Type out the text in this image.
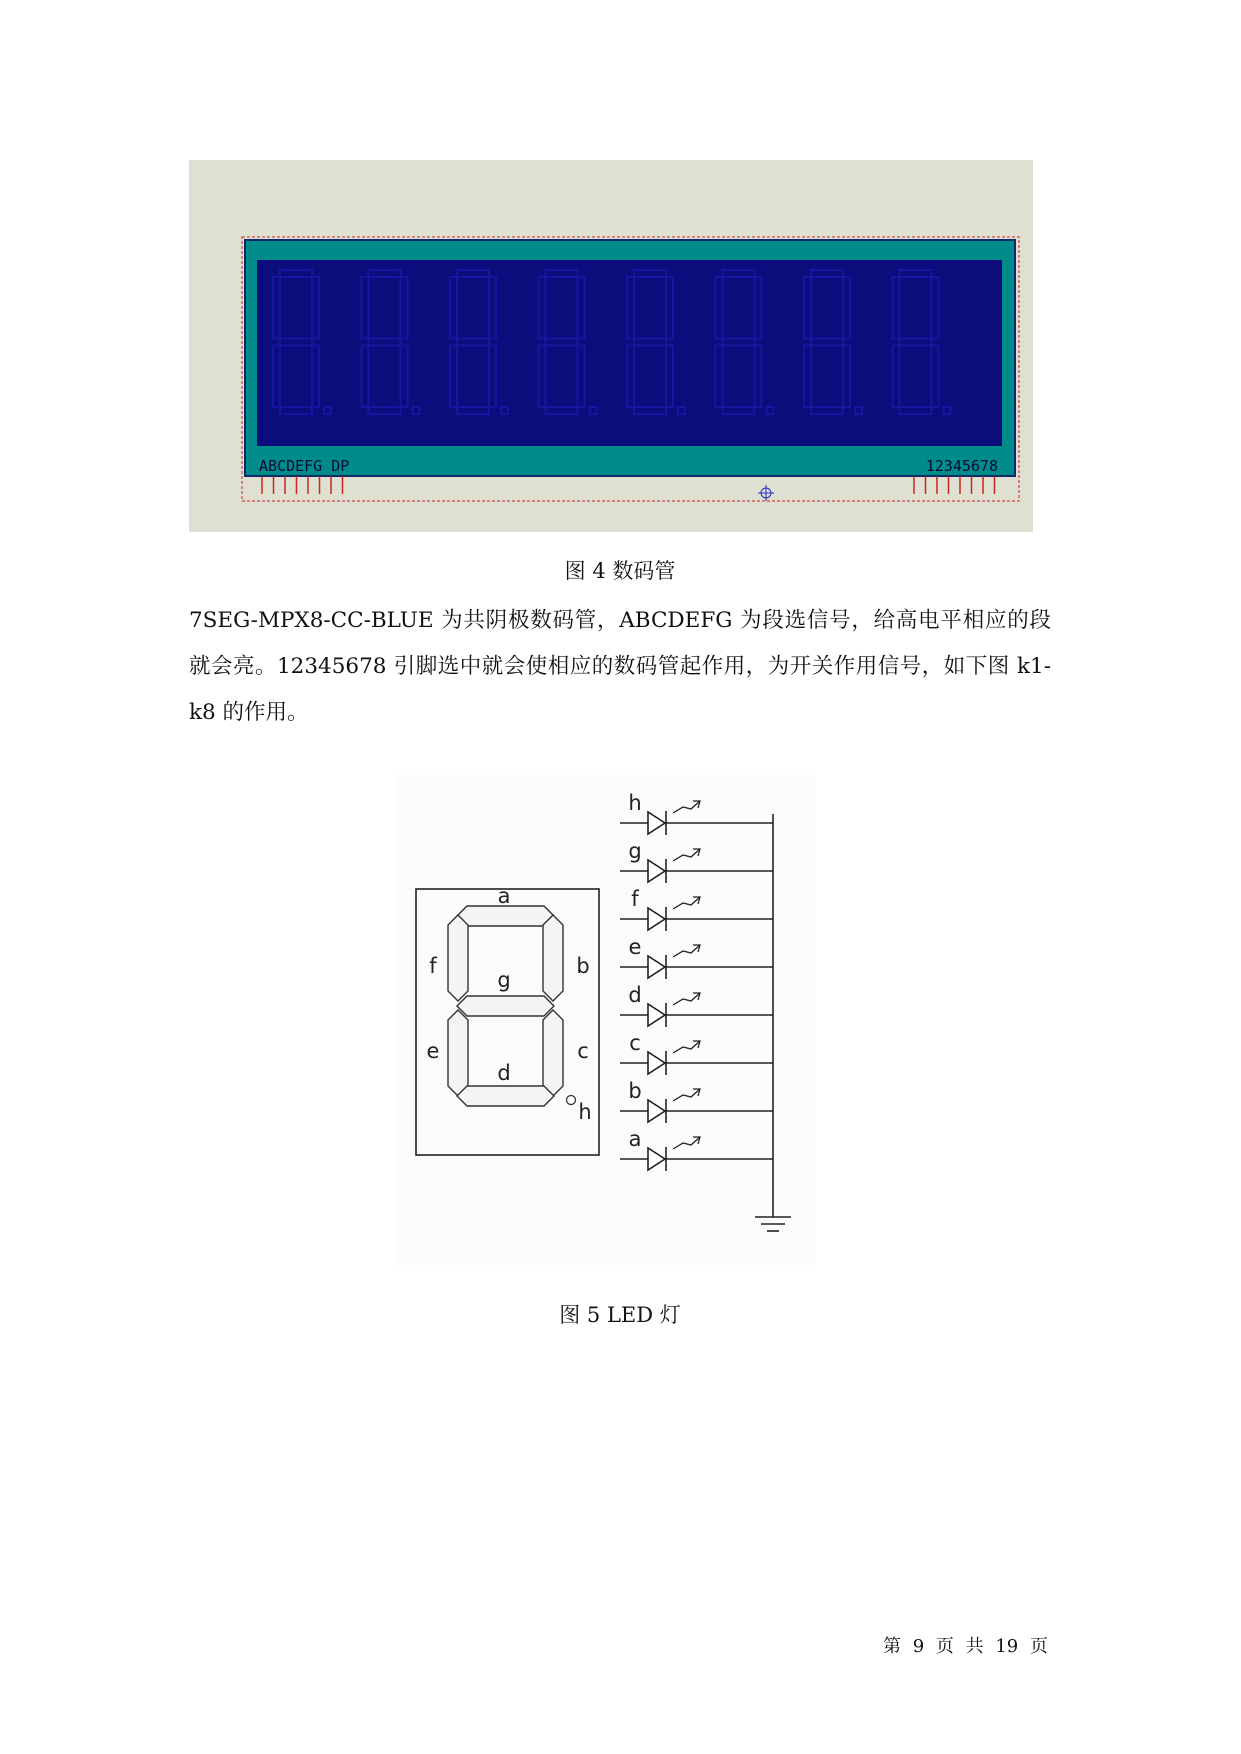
ABCDEFG DP	12345678
图 4 数码管

7SEG-MPX8-CC-BLUE 为共阴极数码管，ABCDEFG 为段选信号，给高电平相应的段就会亮。12345678 引脚选中就会使相应的数码管起作用，为开关作用信号，如下图 k1-k8 的作用。

a
f	b
g
e	c
d
h
h
g
f
e
d
c
b
a
图 5 LED 灯
第 9 页 共 19 页
